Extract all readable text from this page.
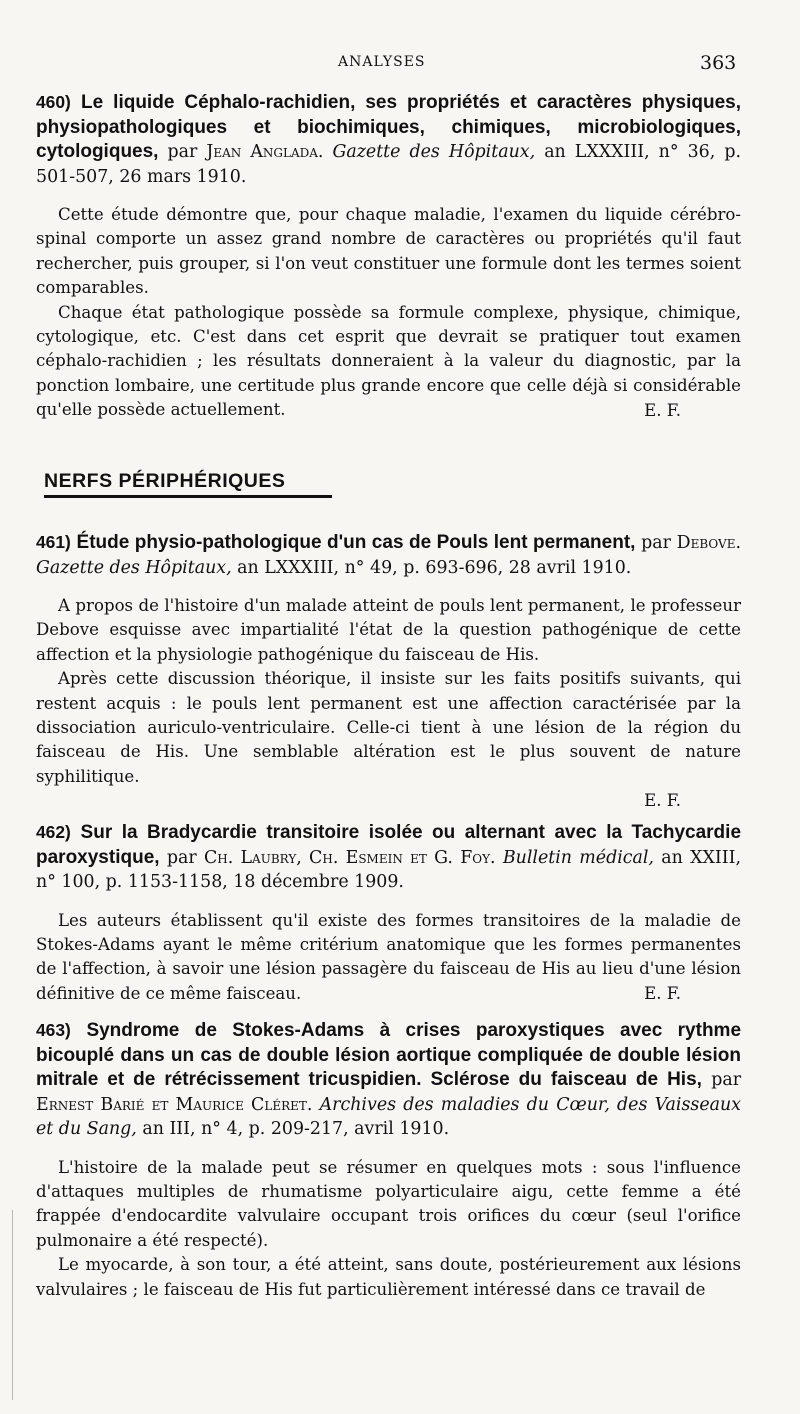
ANALYSES	363

460) Le liquide Céphalo-rachidien, ses propriétés et caractères physiques, physiopathologiques et biochimiques, chimiques, microbiologiques, cytologiques, par Jean Anglada. Gazette des Hôpitaux, an LXXXIII, n° 36, p. 501-507, 26 mars 1910.

Cette étude démontre que, pour chaque maladie, l'examen du liquide cérébro-spinal comporte un assez grand nombre de caractères ou propriétés qu'il faut rechercher, puis grouper, si l'on veut constituer une formule dont les termes soient comparables.

Chaque état pathologique possède sa formule complexe, physique, chimique, cytologique, etc. C'est dans cet esprit que devrait se pratiquer tout examen céphalo-rachidien ; les résultats donneraient à la valeur du diagnostic, par la ponction lombaire, une certitude plus grande encore que celle déjà si considérable qu'elle possède actuellement.	E. F.
NERFS PÉRIPHÉRIQUES

461) Étude physio-pathologique d'un cas de Pouls lent permanent, par Debove. Gazette des Hôpitaux, an LXXXIII, n° 49, p. 693-696, 28 avril 1910.

A propos de l'histoire d'un malade atteint de pouls lent permanent, le professeur Debove esquisse avec impartialité l'état de la question pathogénique de cette affection et la physiologie pathogénique du faisceau de His.

Après cette discussion théorique, il insiste sur les faits positifs suivants, qui restent acquis : le pouls lent permanent est une affection caractérisée par la dissociation auriculo-ventriculaire. Celle-ci tient à une lésion de la région du faisceau de His. Une semblable altération est le plus souvent de nature syphilitique.

E. F.

462) Sur la Bradycardie transitoire isolée ou alternant avec la Tachycardie paroxystique, par Ch. Laubry, Ch. Esmein et G. Foy. Bulletin médical, an XXIII, n° 100, p. 1153-1158, 18 décembre 1909.

Les auteurs établissent qu'il existe des formes transitoires de la maladie de Stokes-Adams ayant le même critérium anatomique que les formes permanentes de l'affection, à savoir une lésion passagère du faisceau de His au lieu d'une lésion définitive de ce même faisceau.	E. F.

463) Syndrome de Stokes-Adams à crises paroxystiques avec rythme bicouplé dans un cas de double lésion aortique compliquée de double lésion mitrale et de rétrécissement tricuspidien. Sclérose du faisceau de His, par Ernest Barié et Maurice Cléret. Archives des maladies du Cœur, des Vaisseaux et du Sang, an III, n° 4, p. 209-217, avril 1910.

L'histoire de la malade peut se résumer en quelques mots : sous l'influence d'attaques multiples de rhumatisme polyarticulaire aigu, cette femme a été frappée d'endocardite valvulaire occupant trois orifices du cœur (seul l'orifice pulmonaire a été respecté).

Le myocarde, à son tour, a été atteint, sans doute, postérieurement aux lésions valvulaires ; le faisceau de His fut particulièrement intéressé dans ce travail de
